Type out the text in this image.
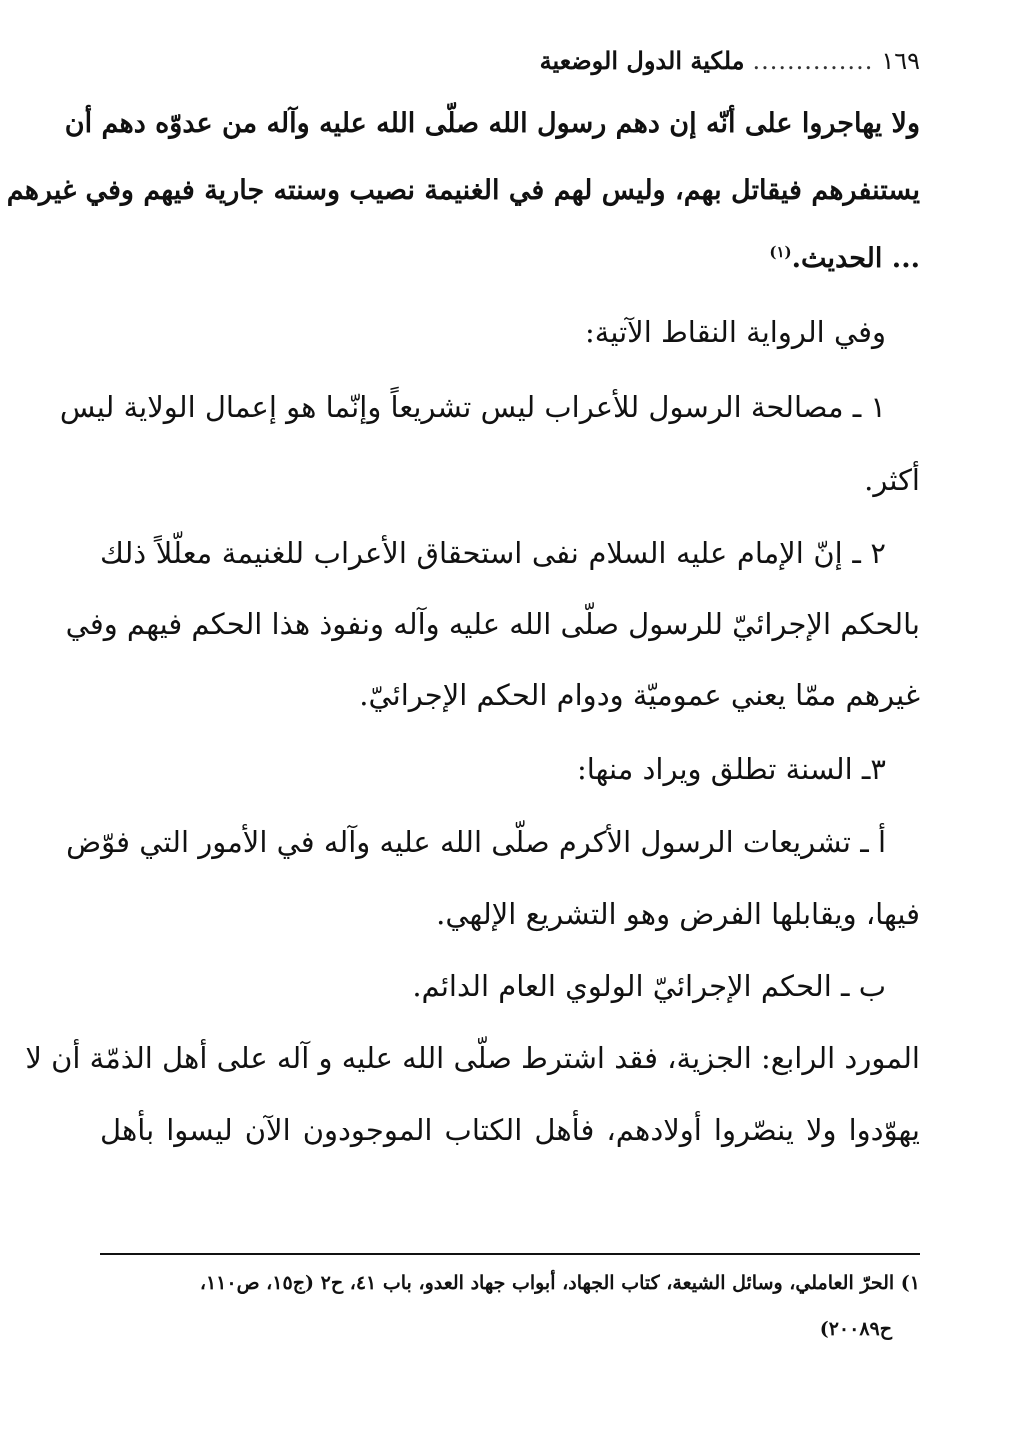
١٦٩
..............
ملكية الدول الوضعية
ولا يهاجروا على أنّه إن دهم رسول الله صلّى الله عليه وآله من عدوّه دهم أن
يستنفرهم فيقاتل بهم، وليس لهم في الغنيمة نصيب وسنته جارية فيهم وفي غيرهم
... الحديث.$^{(١)}$
وفي الرواية النقاط الآتية:
١ ـ مصالحة الرسول للأعراب ليس تشريعاً وإنّما هو إعمال الولاية ليس
أكثر.
٢ ـ إنّ الإمام عليه السلام نفى استحقاق الأعراب للغنيمة معلّلاً ذلك
بالحكم الإجرائيّ للرسول صلّى الله عليه وآله ونفوذ هذا الحكم فيهم وفي
غيرهم ممّا يعني عموميّة ودوام الحكم الإجرائيّ.
٣ـ السنة تطلق ويراد منها:
أ ـ تشريعات الرسول الأكرم صلّى الله عليه وآله في الأمور التي فوّض
فيها، ويقابلها الفرض وهو التشريع الإلهي.
ب ـ الحكم الإجرائيّ الولوي العام الدائم.
المورد الرابع: الجزية، فقد اشترط صلّى الله عليه و آله على أهل الذمّة أن لا
يهوّدوا ولا ينصّروا أولادهم، فأهل الكتاب الموجودون الآن ليسوا بأهل
١) الحرّ العاملي، وسائل الشيعة، كتاب الجهاد، أبواب جهاد العدو، باب ٤١، ح٢ (ج١٥، ص١١٠،
ح٢٠٠٨٩)
